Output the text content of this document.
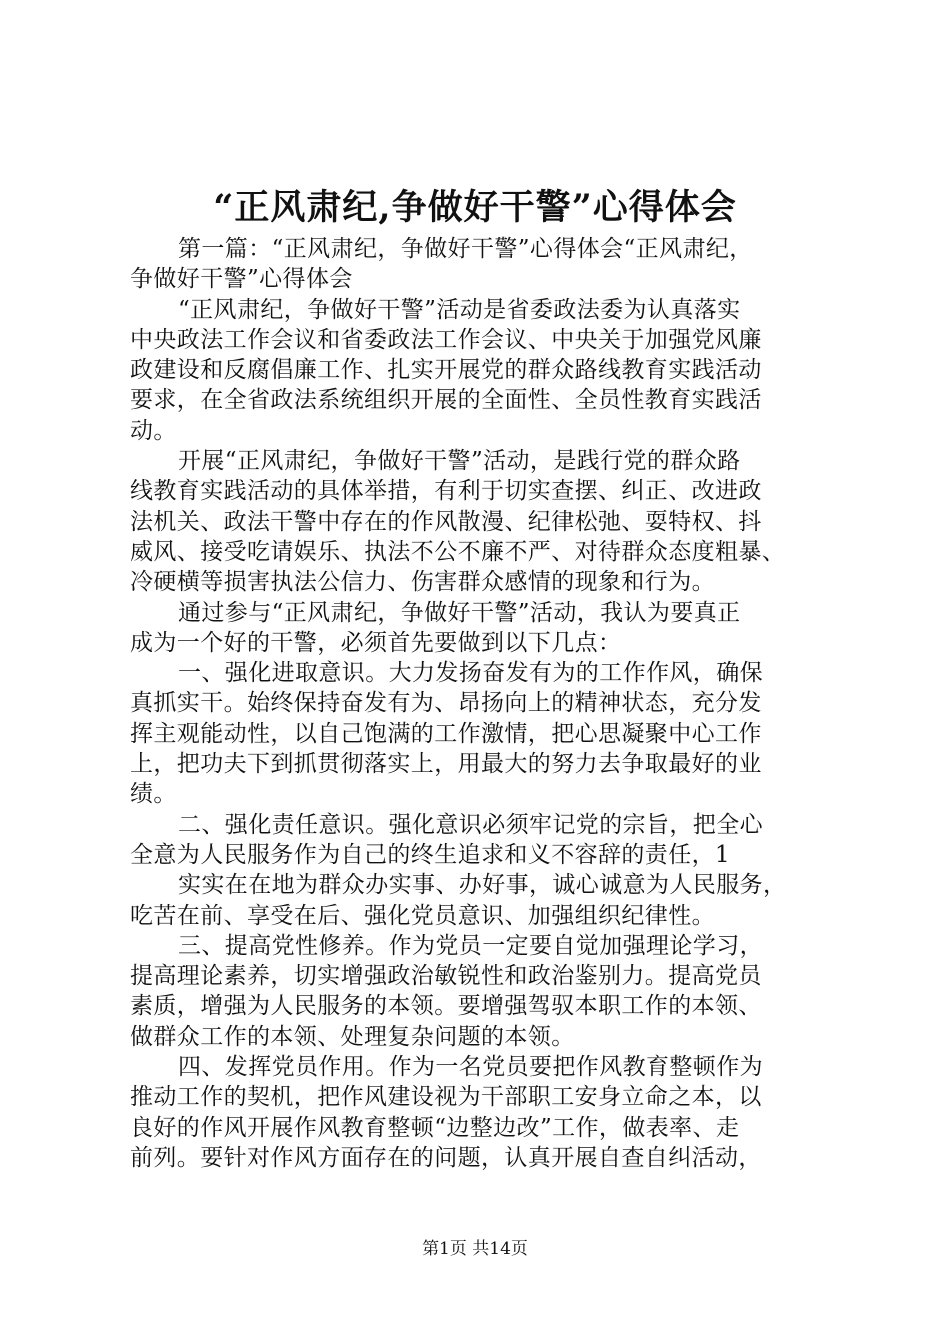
“正风肃纪,争做好干警”心得体会
第一篇：“正风肃纪，争做好干警”心得体会“正风肃纪，
争做好干警”心得体会
“正风肃纪，争做好干警”活动是省委政法委为认真落实
中央政法工作会议和省委政法工作会议、中央关于加强党风廉
政建设和反腐倡廉工作、扎实开展党的群众路线教育实践活动
要求，在全省政法系统组织开展的全面性、全员性教育实践活
动。
开展“正风肃纪，争做好干警”活动，是践行党的群众路
线教育实践活动的具体举措，有利于切实查摆、纠正、改进政
法机关、政法干警中存在的作风散漫、纪律松弛、耍特权、抖
威风、接受吃请娱乐、执法不公不廉不严、对待群众态度粗暴、
冷硬横等损害执法公信力、伤害群众感情的现象和行为。
通过参与“正风肃纪，争做好干警”活动，我认为要真正
成为一个好的干警，必须首先要做到以下几点：
一、强化进取意识。大力发扬奋发有为的工作作风，确保
真抓实干。始终保持奋发有为、昂扬向上的精神状态，充分发
挥主观能动性，以自己饱满的工作激情，把心思凝聚中心工作
上，把功夫下到抓贯彻落实上，用最大的努力去争取最好的业
绩。
二、强化责任意识。强化意识必须牢记党的宗旨，把全心
全意为人民服务作为自己的终生追求和义不容辞的责任，1
实实在在地为群众办实事、办好事，诚心诚意为人民服务，
吃苦在前、享受在后、强化党员意识、加强组织纪律性。
三、提高党性修养。作为党员一定要自觉加强理论学习，
提高理论素养，切实增强政治敏锐性和政治鉴别力。提高党员
素质，增强为人民服务的本领。要增强驾驭本职工作的本领、
做群众工作的本领、处理复杂问题的本领。
四、发挥党员作用。作为一名党员要把作风教育整顿作为
推动工作的契机，把作风建设视为干部职工安身立命之本，以
良好的作风开展作风教育整顿“边整边改”工作，做表率、走
前列。要针对作风方面存在的问题，认真开展自查自纠活动，
第1页 共14页
